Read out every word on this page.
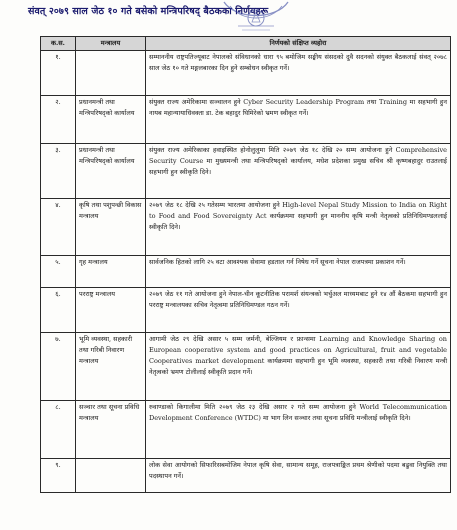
संवत् २०७९ साल जेठ १० गते बसेको मन्त्रिपरिषद् बैठकका निर्णयहरू
क.स.	मन्त्रालय	निर्णयको संक्षिप्त व्यहोरा
१.		सम्माननीय राष्ट्रपतिज्यूबाट नेपालको संविधानको धारा ९५ बमोजिम सङ्घीय संसदको दुवै सदनको संयुक्त बैठकलाई संवत् २०७८ साल जेठ १० गते मङ्गलबारका दिन हुने सम्बोधन स्वीकृत गर्ने।
२.	प्रधानमन्त्री तथा मन्त्रिपरिषद्को कार्यालय	संयुक्त राज्य अमेरिकामा सञ्चालन हुने Cyber Security Leadership Program तथा Training मा सहभागी हुन नायब महान्यायाधिवक्ता डा. टेक बहादुर घिमिरेको भ्रमण स्वीकृत गर्ने।
३.	प्रधानमन्त्री तथा मन्त्रिपरिषद्को कार्यालय	संयुक्त राज्य अमेरिकाका हवाइस्थित होनोलुलुमा मिति २०७९ जेठ १८ देखि २० सम्म आयोजना हुने Comprehensive Security Course मा मुख्यमन्त्री तथा मन्त्रिपरिषद्को कार्यालय, मधेश प्रदेशका प्रमुख सचिव श्री कृष्णबहादुर राउतलाई सहभागी हुन स्वीकृति दिने।
४.	कृषि तथा पशुपन्छी विकास मन्त्रालय	२०७९ जेठ १८ देखि २५ गतेसम्म भारतमा आयोजना हुने High-level Nepal Study Mission to India on Right to Food and Food Sovereignty Act कार्यक्रममा सहभागी हुन माननीय कृषि मन्त्री नेतृत्वको प्रतिनिधिमण्डललाई स्वीकृति दिने।
५.	गृह मन्त्रालय	सार्वजनिक हितको लागि २५ वटा आवश्यक सेवामा हडताल गर्न निषेध गर्ने सूचना नेपाल राजपत्रमा प्रकाशन गर्ने।
६.	परराष्ट्र मन्त्रालय	२०७९ जेठ ११ गते आयोजना हुने नेपाल-चीन कूटनीतिक परामर्श संयन्त्रको भर्चुअल माध्यमबाट हुने १४ औं बैठकमा सहभागी हुन परराष्ट्र मन्त्रालयका सचिव नेतृत्वमा प्रतिनिधिमण्डल गठन गर्ने।
७.	भूमि व्यवस्था, सहकारी तथा गरिबी निवारण मन्त्रालय	आगामी जेठ २९ देखि असार ५ सम्म जर्मनी, बेल्जियम र फ्रान्समा Learning and Knowledge Sharing on European cooperative system and good practices on Agricultural, fruit and vegetable Cooperatives market development कार्यक्रममा सहभागी हुन भूमि व्यवस्था, सहकारी तथा गरिबी निवारण मन्त्री नेतृत्वको भ्रमण टोलीलाई स्वीकृति प्रदान गर्ने।
८.	सञ्चार तथा सूचना प्रविधि मन्त्रालय	रुवाण्डाको किगालीमा मिति २०७९ जेठ २३ देखि असार २ गते सम्म आयोजना हुने World Telecommunication Development Conference (WTDC) मा भाग लिन सञ्चार तथा सूचना प्रविधि मन्त्रीलाई स्वीकृति दिने।
९.		लोक सेवा आयोगको सिफारिसबमोजिम नेपाल कृषि सेवा, सामान्य समूह, राजपत्राङ्कित प्रथम श्रेणीको पदमा बढुवा नियुक्ति तथा पदस्थापन गर्ने।
